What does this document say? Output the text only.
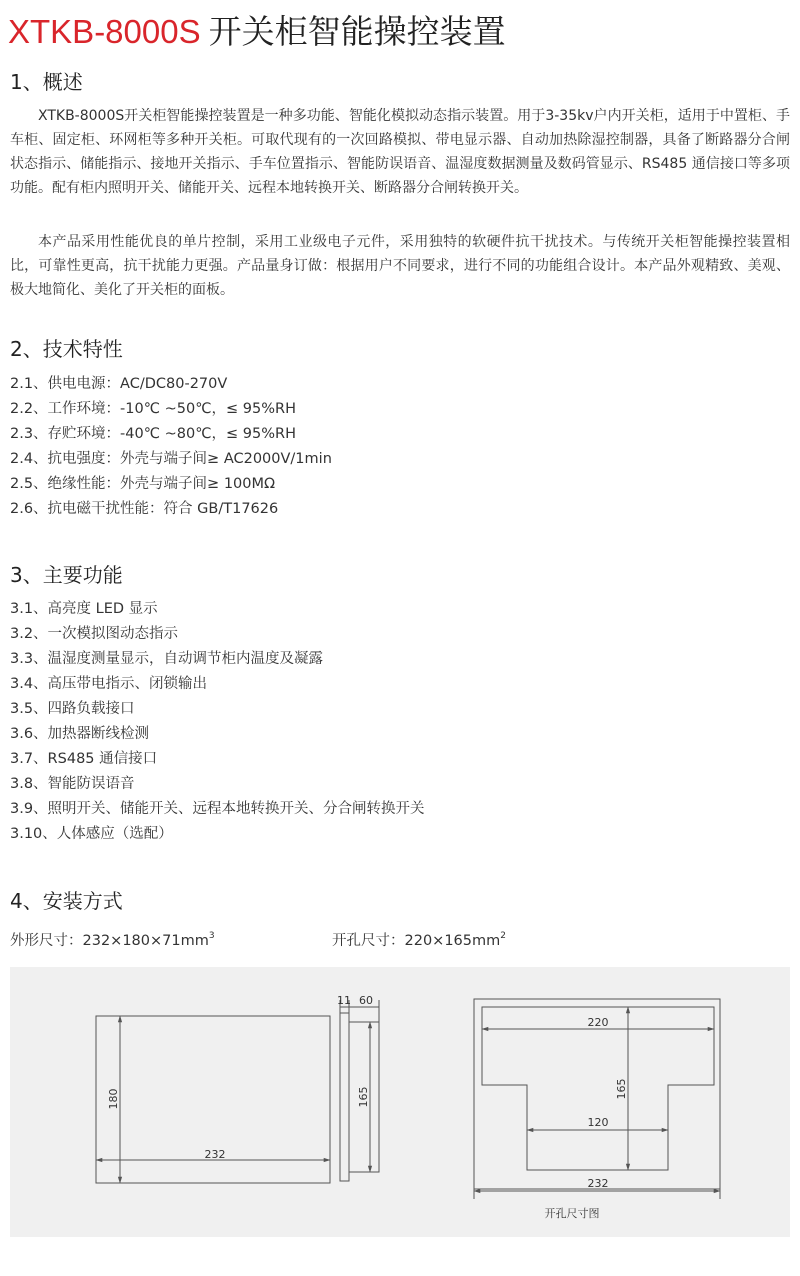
XTKB-8000S 开关柜智能操控装置
1、概述

XTKB-8000S开关柜智能操控装置是一种多功能、智能化模拟动态指示装置。用于3-35kv户内开关柜，适用于中置柜、手车柜、固定柜、环网柜等多种开关柜。可取代现有的一次回路模拟、带电显示器、自动加热除湿控制器，具备了断路器分合闸状态指示、储能指示、接地开关指示、手车位置指示、智能防误语音、温湿度数据测量及数码管显示、RS485 通信接口等多项功能。配有柜内照明开关、储能开关、远程本地转换开关、断路器分合闸转换开关。

本产品采用性能优良的单片控制，采用工业级电子元件，采用独特的软硬件抗干扰技术。与传统开关柜智能操控装置相比，可靠性更高，抗干扰能力更强。产品量身订做：根据用户不同要求，进行不同的功能组合设计。本产品外观精致、美观、极大地简化、美化了开关柜的面板。

2、技术特性
2.1、供电电源：AC/DC80-270V
2.2、工作环境：-10℃ ~50℃，≤ 95%RH
2.3、存贮环境：-40℃ ~80℃，≤ 95%RH
2.4、抗电强度：外壳与端子间≥ AC2000V/1min
2.5、绝缘性能：外壳与端子间≥ 100MΩ
2.6、抗电磁干扰性能：符合 GB/T17626
3、主要功能
3.1、高亮度 LED 显示
3.2、一次模拟图动态指示
3.3、温湿度测量显示，自动调节柜内温度及凝露
3.4、高压带电指示、闭锁输出
3.5、四路负载接口
3.6、加热器断线检测
3.7、RS485 通信接口
3.8、智能防误语音
3.9、照明开关、储能开关、远程本地转换开关、分合闸转换开关
3.10、人体感应（选配）
4、安装方式
外形尺寸：$232\times 180\times 71mm^3$	开孔尺寸：$220\times 165mm^2$
232
180
11 60
165
220
165
120
232
开孔尺寸图
